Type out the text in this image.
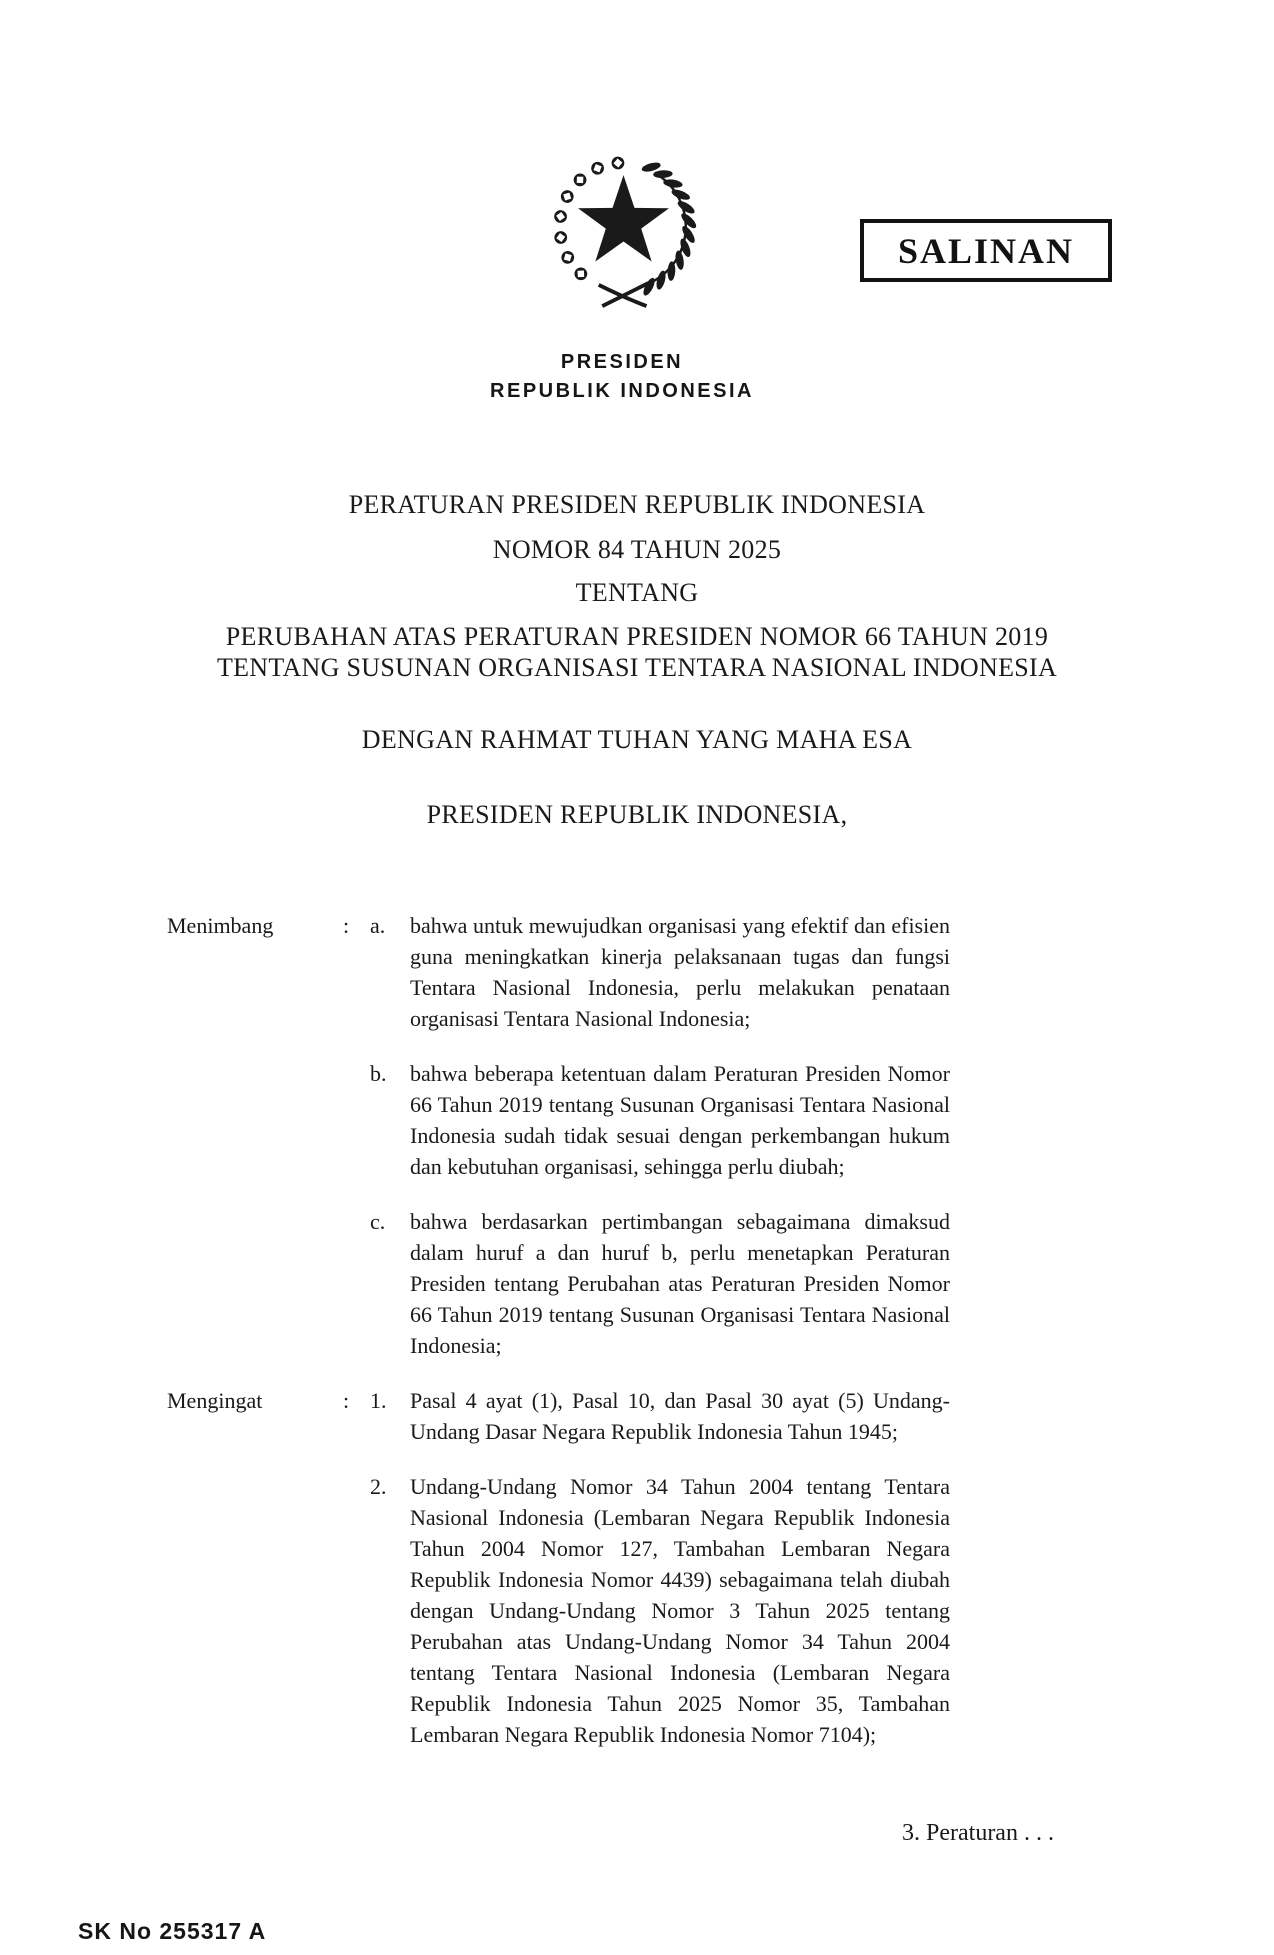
PRESIDEN
REPUBLIK INDONESIA
SALINAN
PERATURAN PRESIDEN REPUBLIK INDONESIA
NOMOR 84 TAHUN 2025
TENTANG
PERUBAHAN ATAS PERATURAN PRESIDEN NOMOR 66 TAHUN 2019
TENTANG SUSUNAN ORGANISASI TENTARA NASIONAL INDONESIA
DENGAN RAHMAT TUHAN YANG MAHA ESA
PRESIDEN REPUBLIK INDONESIA,
Menimbang	: a.	bahwa untuk mewujudkan organisasi yang efektif dan efisien guna meningkatkan kinerja pelaksanaan tugas dan fungsi Tentara Nasional Indonesia, perlu melakukan penataan organisasi Tentara Nasional Indonesia;

b.	bahwa beberapa ketentuan dalam Peraturan Presiden Nomor 66 Tahun 2019 tentang Susunan Organisasi Tentara Nasional Indonesia sudah tidak sesuai dengan perkembangan hukum dan kebutuhan organisasi, sehingga perlu diubah;

c.	bahwa berdasarkan pertimbangan sebagaimana dimaksud dalam huruf a dan huruf b, perlu menetapkan Peraturan Presiden tentang Perubahan atas Peraturan Presiden Nomor 66 Tahun 2019 tentang Susunan Organisasi Tentara Nasional Indonesia;

Mengingat	: 1.	Pasal 4 ayat (1), Pasal 10, dan Pasal 30 ayat (5) Undang-Undang Dasar Negara Republik Indonesia Tahun 1945;

2.	Undang-Undang Nomor 34 Tahun 2004 tentang Tentara Nasional Indonesia (Lembaran Negara Republik Indonesia Tahun 2004 Nomor 127, Tambahan Lembaran Negara Republik Indonesia Nomor 4439) sebagaimana telah diubah dengan Undang-Undang Nomor 3 Tahun 2025 tentang Perubahan atas Undang-Undang Nomor 34 Tahun 2004 tentang Tentara Nasional Indonesia (Lembaran Negara Republik Indonesia Tahun 2025 Nomor 35, Tambahan Lembaran Negara Republik Indonesia Nomor 7104);

3. Peraturan . . .
SK No 255317 A
